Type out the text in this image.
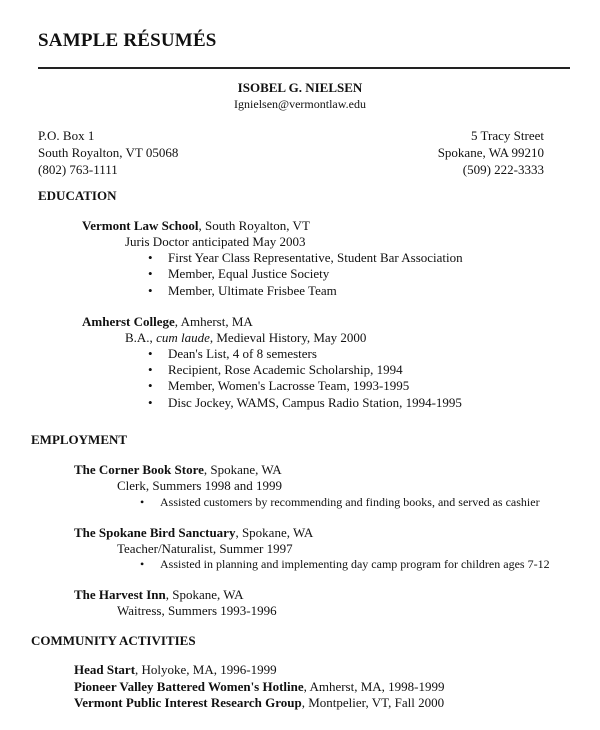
SAMPLE RÉSUMÉS
ISOBEL G. NIELSEN
Ignielsen@vermontlaw.edu
P.O. Box 1
South Royalton, VT 05068
(802) 763-1111
5 Tracy Street
Spokane, WA 99210
(509) 222-3333
EDUCATION
Vermont Law School, South Royalton, VT
Juris Doctor anticipated May 2003
• First Year Class Representative, Student Bar Association
• Member, Equal Justice Society
• Member, Ultimate Frisbee Team
Amherst College, Amherst, MA
B.A., cum laude, Medieval History, May 2000
• Dean's List, 4 of 8 semesters
• Recipient, Rose Academic Scholarship, 1994
• Member, Women's Lacrosse Team, 1993-1995
• Disc Jockey, WAMS, Campus Radio Station, 1994-1995
EMPLOYMENT
The Corner Book Store, Spokane, WA
Clerk, Summers 1998 and 1999
• Assisted customers by recommending and finding books, and served as cashier
The Spokane Bird Sanctuary, Spokane, WA
Teacher/Naturalist, Summer 1997
• Assisted in planning and implementing day camp program for children ages 7-12
The Harvest Inn, Spokane, WA
Waitress, Summers 1993-1996
COMMUNITY ACTIVITIES
Head Start, Holyoke, MA, 1996-1999
Pioneer Valley Battered Women's Hotline, Amherst, MA, 1998-1999
Vermont Public Interest Research Group, Montpelier, VT, Fall 2000
